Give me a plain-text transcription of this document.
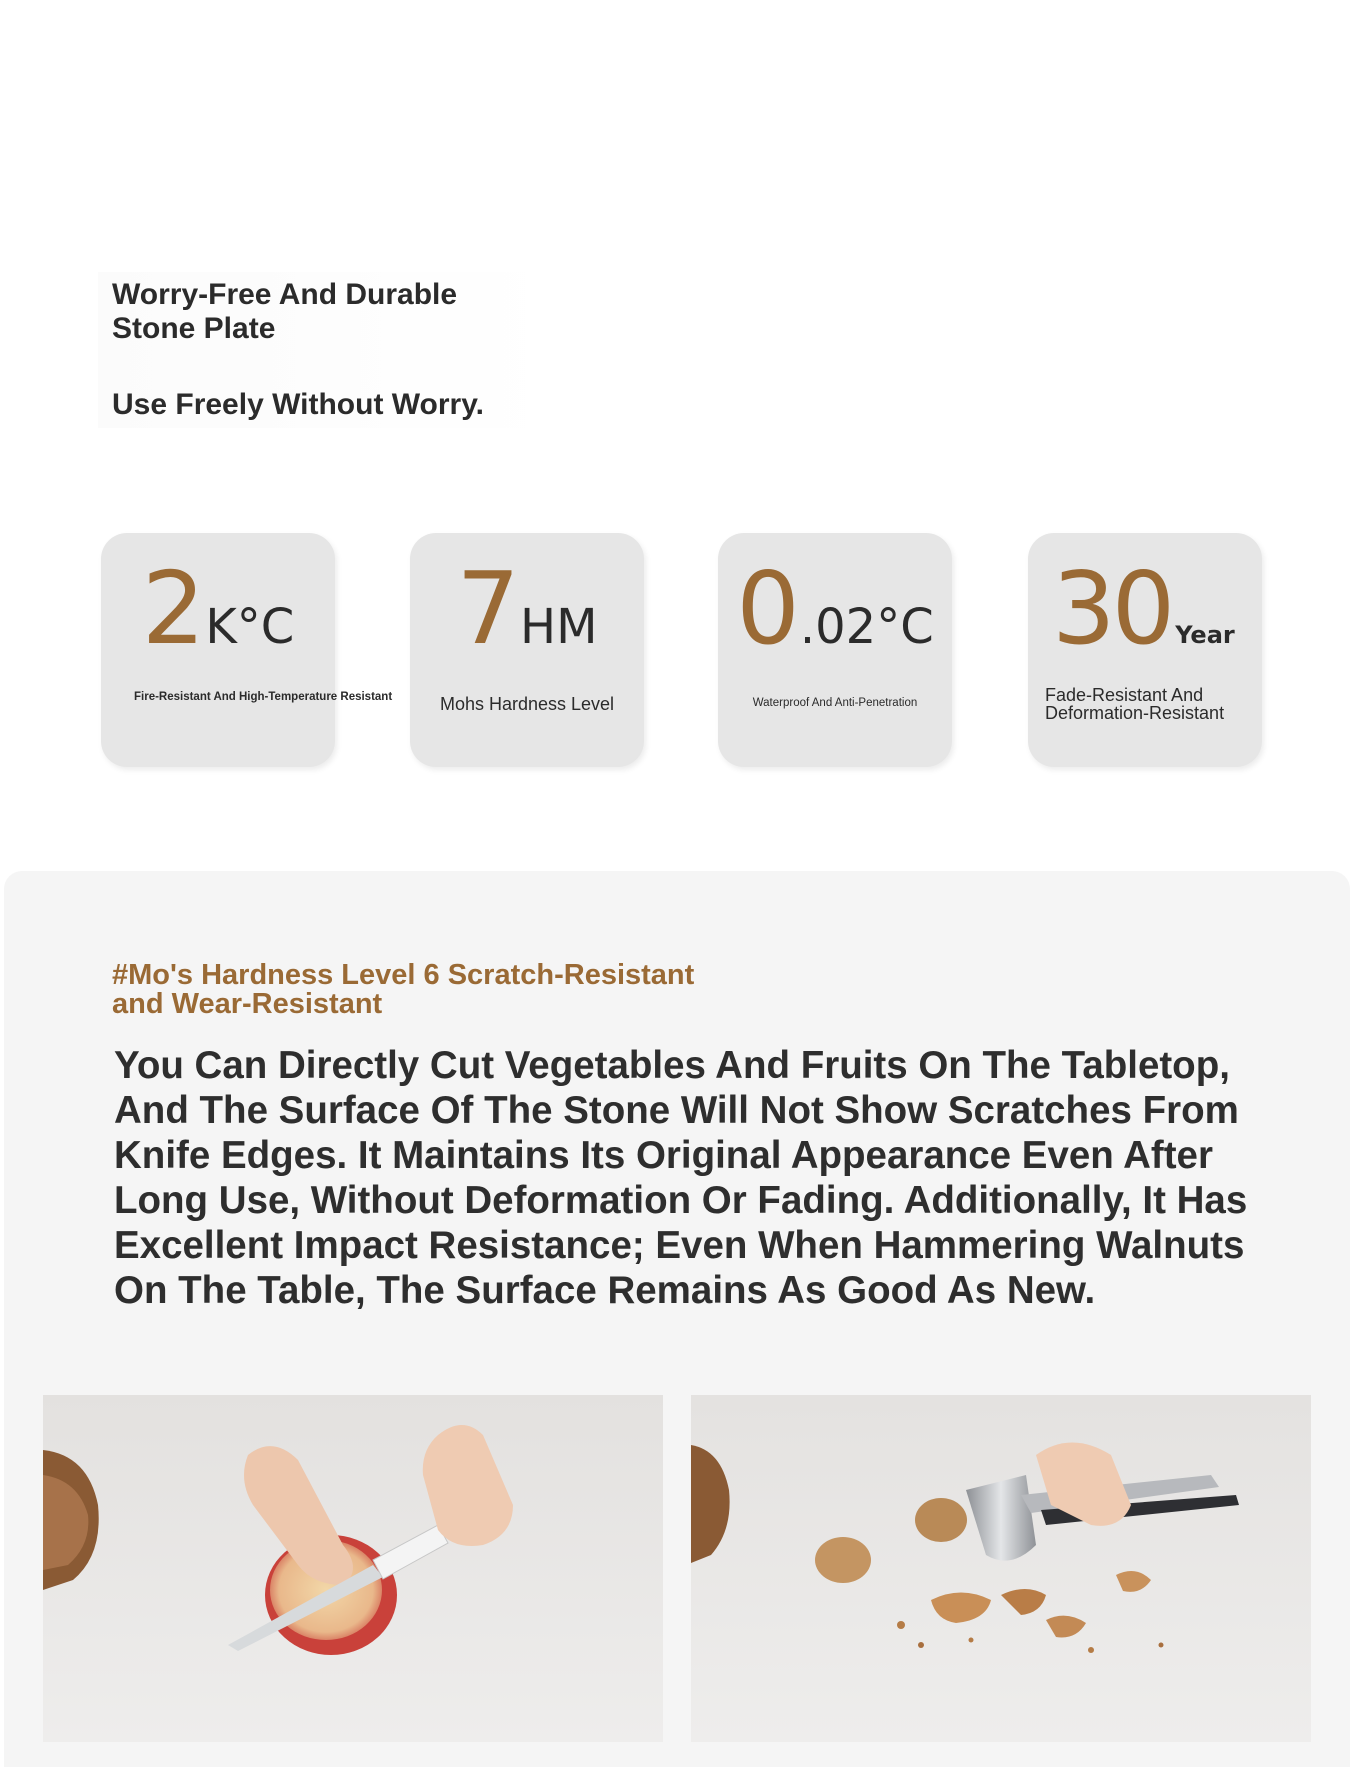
Worry-Free And Durable Stone Plate
Use Freely Without Worry.
2K°C
Fire-Resistant And High-Temperature Resistant
7HM
Mohs Hardness Level
0.02°C
Waterproof And Anti-Penetration
30 Year
Fade-Resistant And Deformation-Resistant
#Mo's Hardness Level 6 Scratch-Resistant and Wear-Resistant

You Can Directly Cut Vegetables And Fruits On The Tabletop, And The Surface Of The Stone Will Not Show Scratches From Knife Edges. It Maintains Its Original Appearance Even After Long Use, Without Deformation Or Fading. Additionally, It Has Excellent Impact Resistance; Even When Hammering Walnuts On The Table, The Surface Remains As Good As New.
